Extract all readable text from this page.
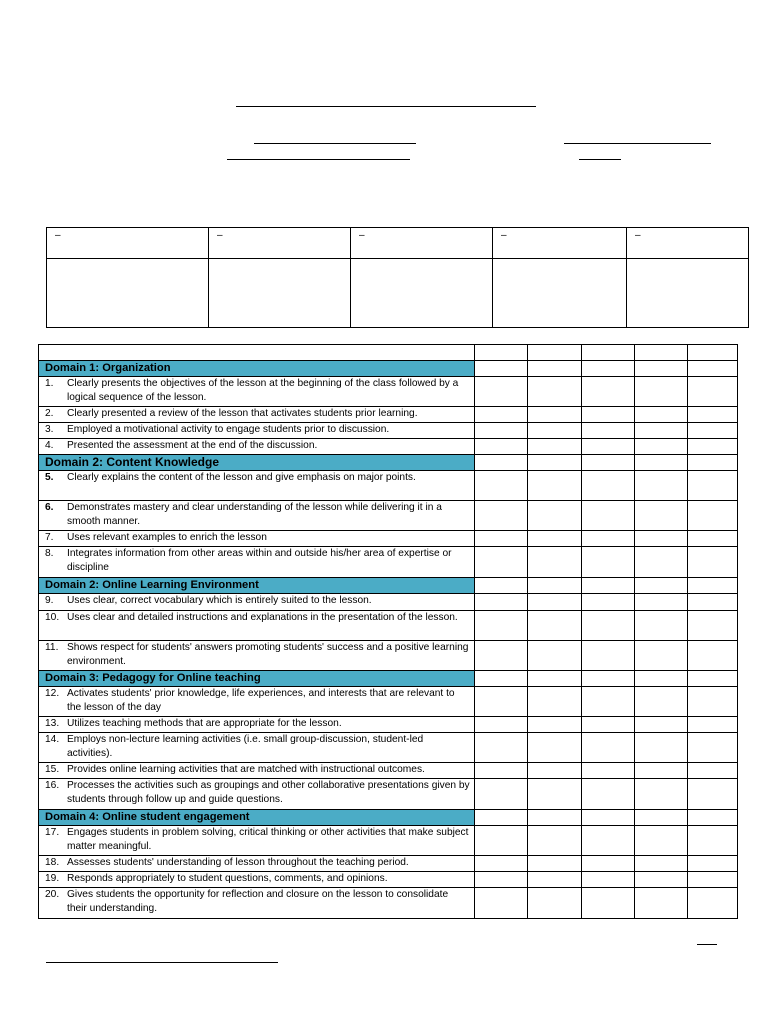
–	–	–	–	–

Domain 1: Organization					

1. Clearly presents the objectives of the lesson at the beginning of the class followed by a logical sequence of the lesson.					

2. Clearly presented a review of the lesson that activates students prior learning.					

3. Employed a motivational activity to engage students prior to discussion.					

4. Presented the assessment at the end of the discussion.					

Domain 2: Content Knowledge					

5. Clearly explains the content of the lesson and give emphasis on major points.					

6. Demonstrates mastery and clear understanding of the lesson while delivering it in a smooth manner.					

7. Uses relevant examples to enrich the lesson					

8. Integrates information from other areas within and outside his/her area of expertise or discipline					

Domain 2: Online Learning Environment					

9. Uses clear, correct vocabulary which is entirely suited to the lesson.					

10. Uses clear and detailed instructions and explanations in the presentation of the lesson.					

11. Shows respect for students' answers promoting students' success and a positive learning environment.					

Domain 3: Pedagogy for Online teaching					

12. Activates students' prior knowledge, life experiences, and interests that are relevant to the lesson of the day					

13. Utilizes teaching methods that are appropriate for the lesson.					

14. Employs non-lecture learning activities (i.e. small group-discussion, student-led activities).					

15. Provides online learning activities that are matched with instructional outcomes.					

16. Processes the activities such as groupings and other collaborative presentations given by students through follow up and guide questions.					

Domain 4: Online student engagement					

17. Engages students in problem solving, critical thinking or other activities that make subject matter meaningful.					

18. Assesses students' understanding of lesson throughout the teaching period.					

19. Responds appropriately to student questions, comments, and opinions.					

20. Gives students the opportunity for reflection and closure on the lesson to consolidate their understanding.					
